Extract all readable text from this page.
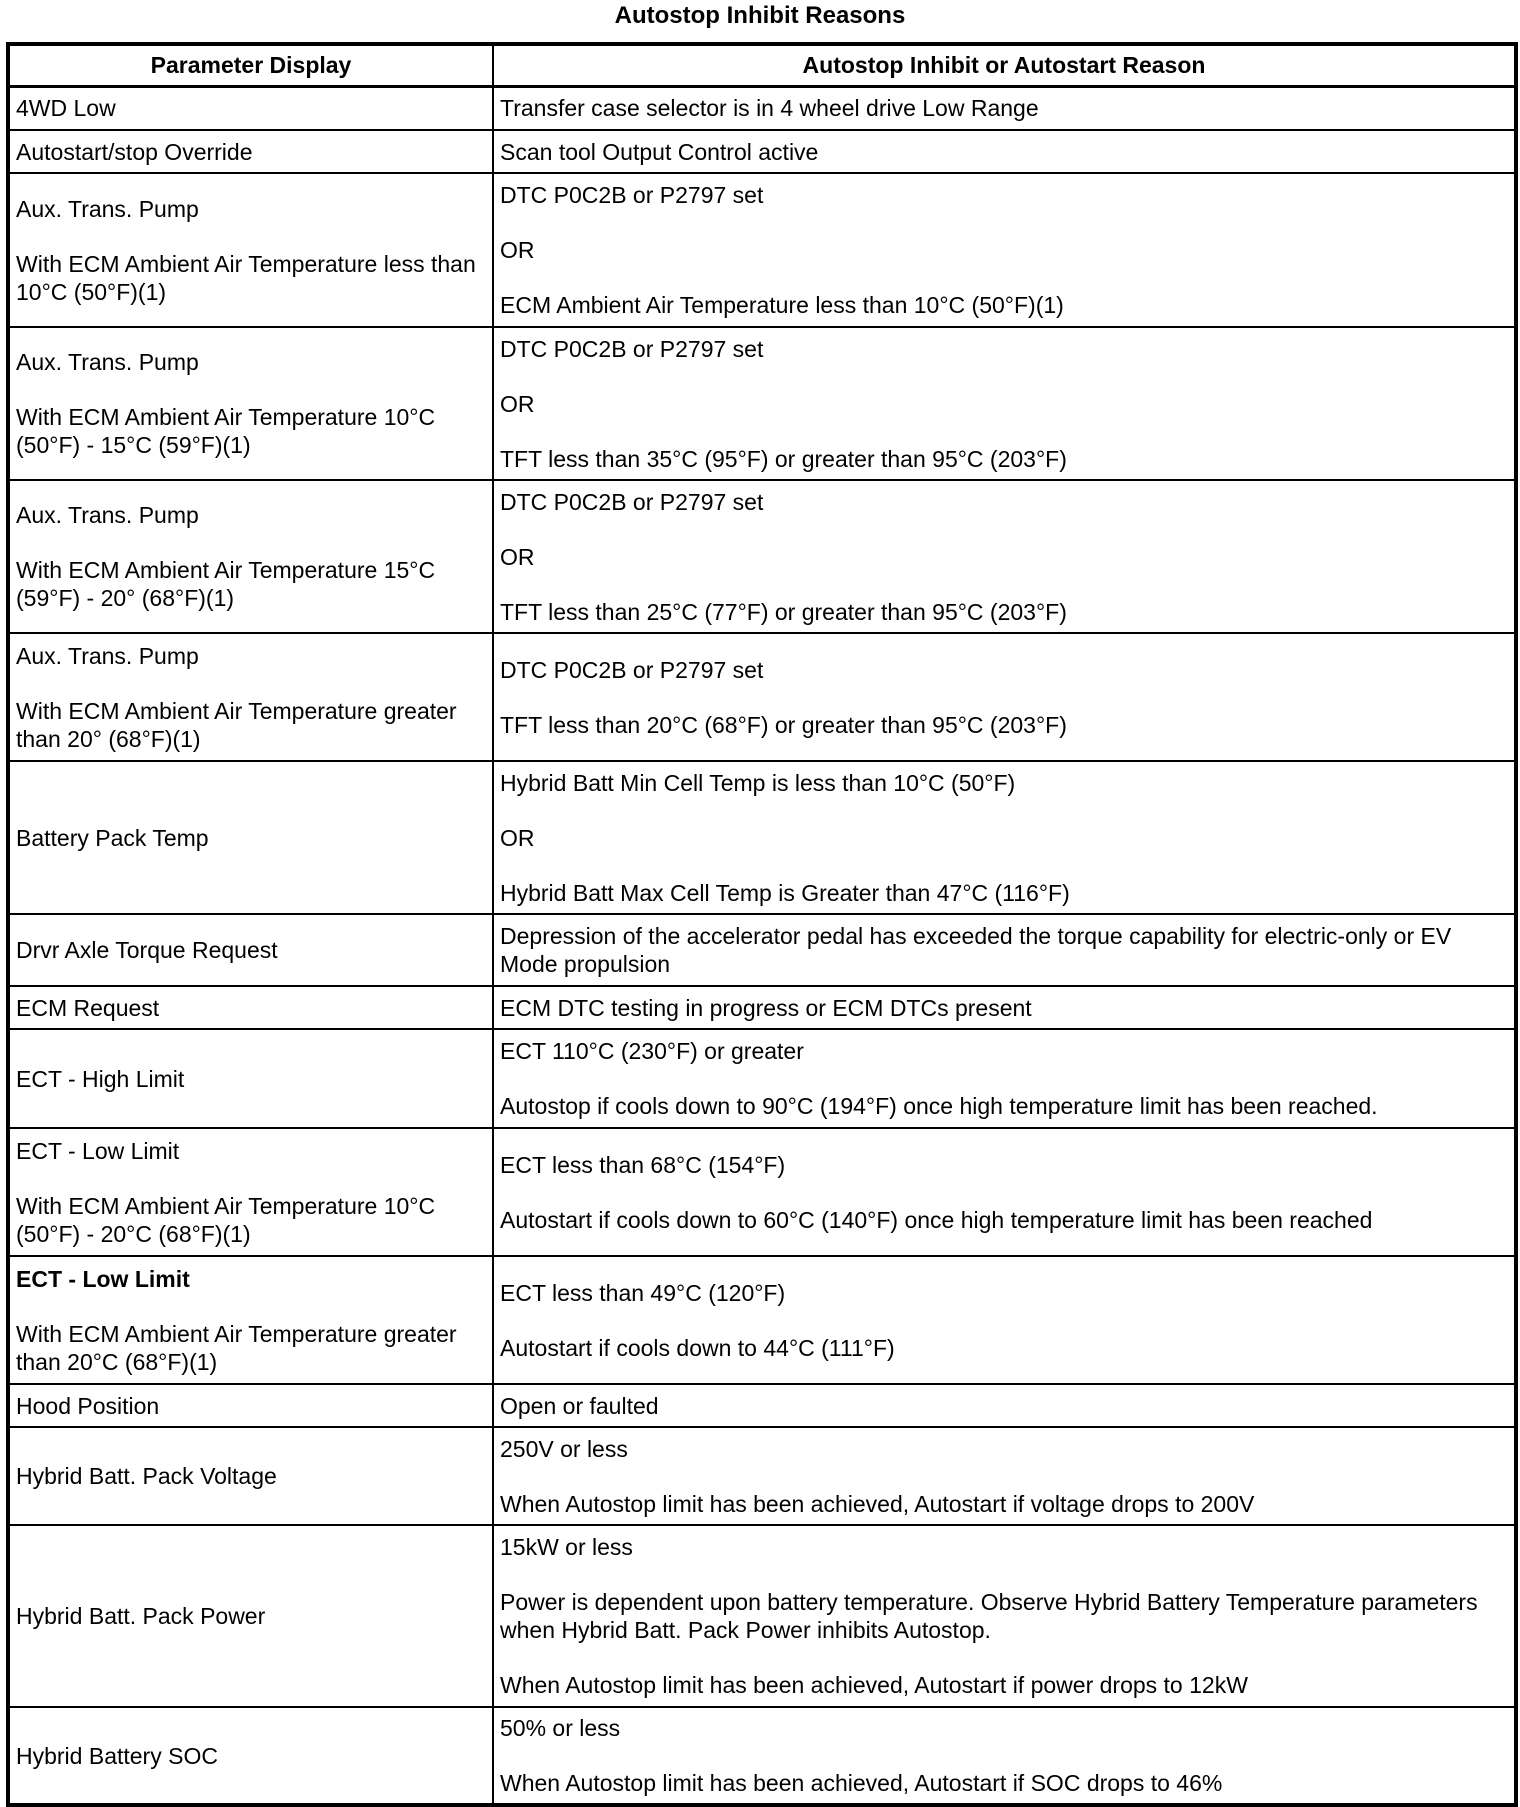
Autostop Inhibit Reasons
Parameter Display	Autostop Inhibit or Autostart Reason

4WD Low	Transfer case selector is in 4 wheel drive Low Range

Autostart/stop Override	Scan tool Output Control active

Aux. Trans. Pump
With ECM Ambient Air Temperature less than 10°C (50°F)(1)	DTC P0C2B or P2797 set
OR
ECM Ambient Air Temperature less than 10°C (50°F)(1)

Aux. Trans. Pump
With ECM Ambient Air Temperature 10°C (50°F) - 15°C (59°F)(1)	DTC P0C2B or P2797 set
OR
TFT less than 35°C (95°F) or greater than 95°C (203°F)

Aux. Trans. Pump
With ECM Ambient Air Temperature 15°C (59°F) - 20° (68°F)(1)	DTC P0C2B or P2797 set
OR
TFT less than 25°C (77°F) or greater than 95°C (203°F)

Aux. Trans. Pump
With ECM Ambient Air Temperature greater than 20° (68°F)(1)	DTC P0C2B or P2797 set
TFT less than 20°C (68°F) or greater than 95°C (203°F)

Battery Pack Temp	Hybrid Batt Min Cell Temp is less than 10°C (50°F)
OR
Hybrid Batt Max Cell Temp is Greater than 47°C (116°F)

Drvr Axle Torque Request	Depression of the accelerator pedal has exceeded the torque capability for electric-only or EV Mode propulsion

ECM Request	ECM DTC testing in progress or ECM DTCs present

ECT - High Limit	ECT 110°C (230°F) or greater
Autostop if cools down to 90°C (194°F) once high temperature limit has been reached.

ECT - Low Limit
With ECM Ambient Air Temperature 10°C (50°F) - 20°C (68°F)(1)	ECT less than 68°C (154°F)
Autostart if cools down to 60°C (140°F) once high temperature limit has been reached

ECT - Low Limit
With ECM Ambient Air Temperature greater than 20°C (68°F)(1)	ECT less than 49°C (120°F)
Autostart if cools down to 44°C (111°F)

Hood Position	Open or faulted

Hybrid Batt. Pack Voltage	250V or less
When Autostop limit has been achieved, Autostart if voltage drops to 200V

Hybrid Batt. Pack Power	15kW or less
Power is dependent upon battery temperature. Observe Hybrid Battery Temperature parameters when Hybrid Batt. Pack Power inhibits Autostop.
When Autostop limit has been achieved, Autostart if power drops to 12kW

Hybrid Battery SOC	50% or less
When Autostop limit has been achieved, Autostart if SOC drops to 46%
